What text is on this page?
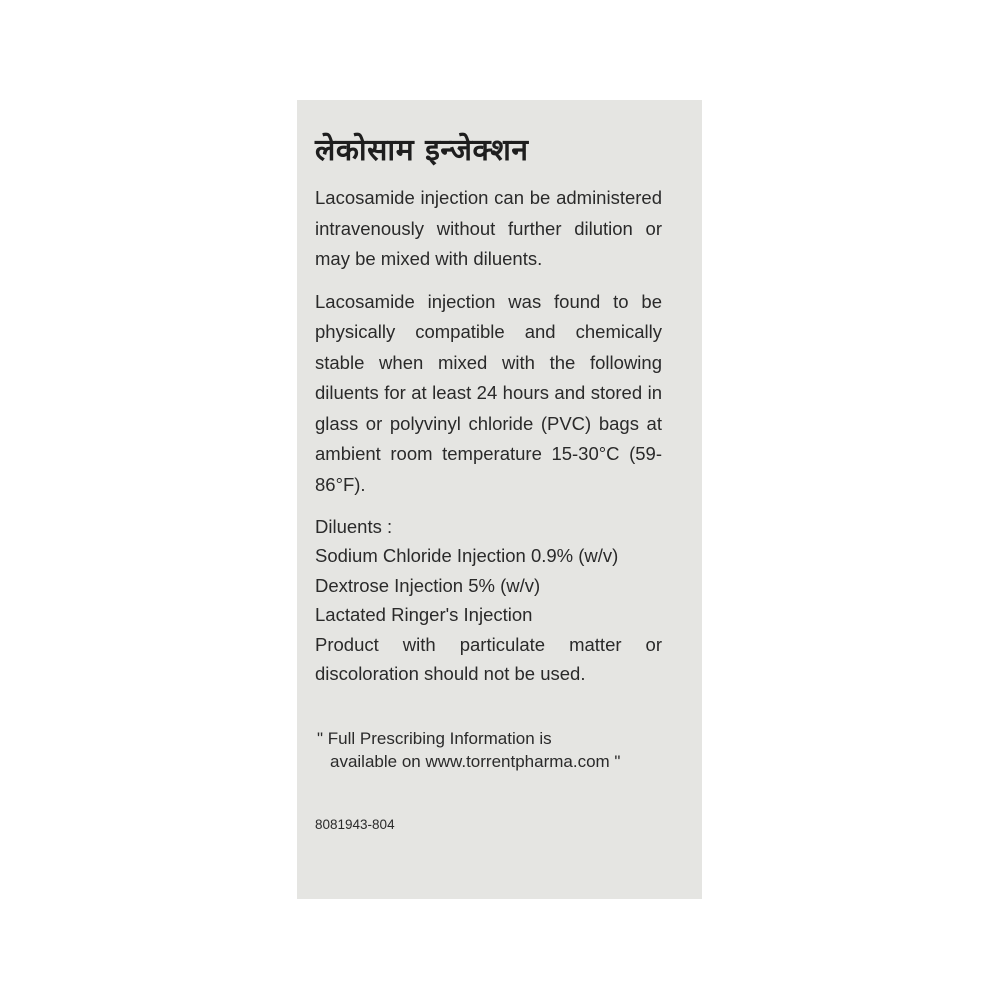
लेकोसाम इन्जेक्शन

Lacosamide injection can be administered intravenously without further dilution or may be mixed with diluents.

Lacosamide injection was found to be physically compatible and chemically stable when mixed with the following diluents for at least 24 hours and stored in glass or polyvinyl chloride (PVC) bags at ambient room temperature 15-30°C (59-86°F).

Diluents :
Sodium Chloride Injection 0.9% (w/v)
Dextrose Injection 5% (w/v)
Lactated Ringer's Injection

Product with particulate matter or discoloration should not be used.

" Full Prescribing Information is
available on www.torrentpharma.com "
8081943-804
